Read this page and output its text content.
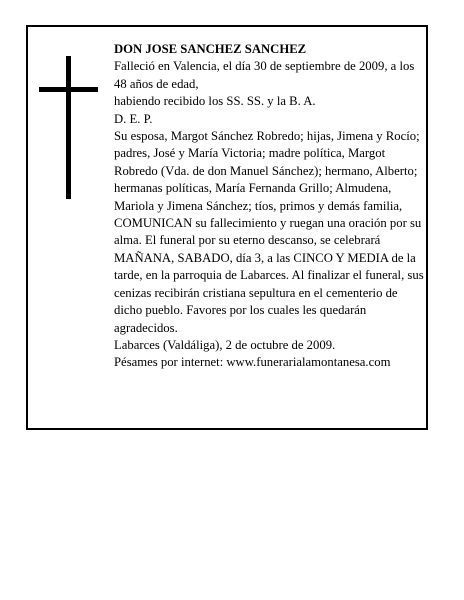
DON JOSE SANCHEZ SANCHEZ

Falleció en Valencia, el día 30 de septiembre de 2009, a los 48 años de edad,

habiendo recibido los SS. SS. y la B. A.

D. E. P.

Su esposa, Margot Sánchez Robredo; hijas, Jimena y Rocío; padres, José y María Victoria; madre política, Margot Robredo (Vda. de don Manuel Sánchez); hermano, Alberto; hermanas políticas, María Fernanda Grillo; Almudena, Mariola y Jimena Sánchez; tíos, primos y demás familia,

COMUNICAN su fallecimiento y ruegan una oración por su alma. El funeral por su eterno descanso, se celebrará MAÑANA, SABADO, día 3, a las CINCO Y MEDIA de la tarde, en la parroquia de Labarces. Al finalizar el funeral, sus cenizas recibirán cristiana sepultura en el cementerio de dicho pueblo. Favores por los cuales les quedarán agradecidos.

Labarces (Valdáliga), 2 de octubre de 2009.

Pésames por internet: www.funerarialamontanesa.com
